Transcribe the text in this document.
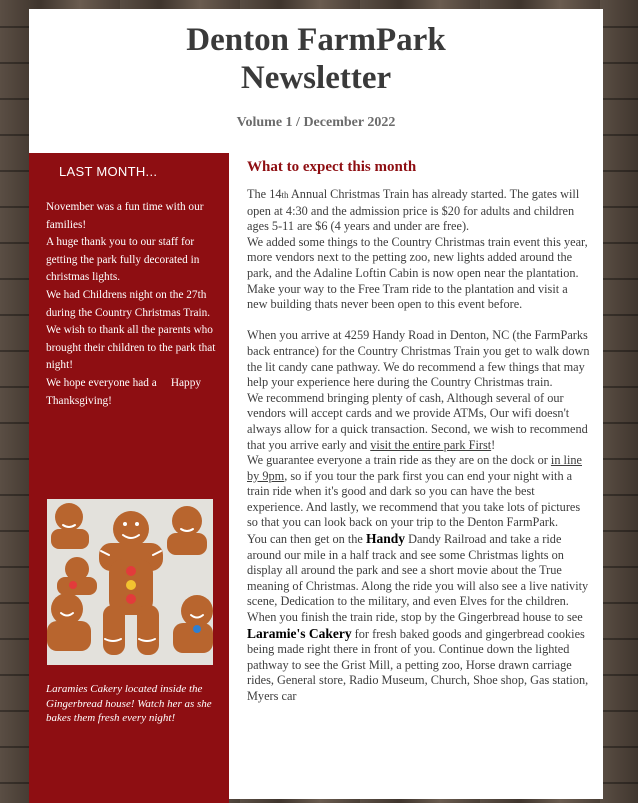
Denton FarmPark
Newsletter
Volume 1 / December 2022
LAST MONTH...

November was a fun time with our families!

A huge thank you to our staff for getting the park fully decorated in christmas lights.

We had Childrens night on the 27th during the Country Christmas Train. We wish to thank all the parents who brought their children to the park that night!

We hope everyone had a     Happy Thanksgiving!

Laramies Cakery located inside the Gingerbread house! Watch her as she bakes them fresh every night!
What to expect this month

The 14th Annual Christmas Train has already started. The gates will open at 4:30 and the admission price is $20 for adults and children ages 5-11 are $6 (4 years and under are free).

We added some things to the Country Christmas train event this year, more vendors next to the petting zoo, new lights added around the park, and the Adaline Loftin Cabin is now open near the plantation. Make your way to the Free Tram ride to the plantation and visit a new building thats never been open to this event before.

When you arrive at 4259 Handy Road in Denton, NC (the FarmParks back entrance) for the Country Christmas Train you get to walk down the lit candy cane pathway. We do recommend a few things that may help your experience here during the Country Christmas train.

We recommend bringing plenty of cash, Although several of our vendors will accept cards and we provide ATMs, Our wifi doesn't always allow for a quick transaction. Second, we wish to recommend that you arrive early and visit the entire park First!

We guarantee everyone a train ride as they are on the dock or in line by 9pm, so if you tour the park first you can end your night with a train ride when it's good and dark so you can have the best experience. And lastly, we recommend that you take lots of pictures so that you can look back on your trip to the Denton FarmPark.

You can then get on the Handy Dandy Railroad and take a ride around our mile in a half track and see some Christmas lights on display all around the park and see a short movie about the True meaning of Christmas. Along the ride you will also see a live nativity scene, Dedication to the military, and even Elves for the children.

When you finish the train ride, stop by the Gingerbread house to see Laramie's Cakery for fresh baked goods and gingerbread cookies being made right there in front of you. Continue down the lighted pathway to see the Grist Mill, a petting zoo, Horse drawn carriage rides, General store, Radio Museum, Church, Shoe shop, Gas station, Myers car
